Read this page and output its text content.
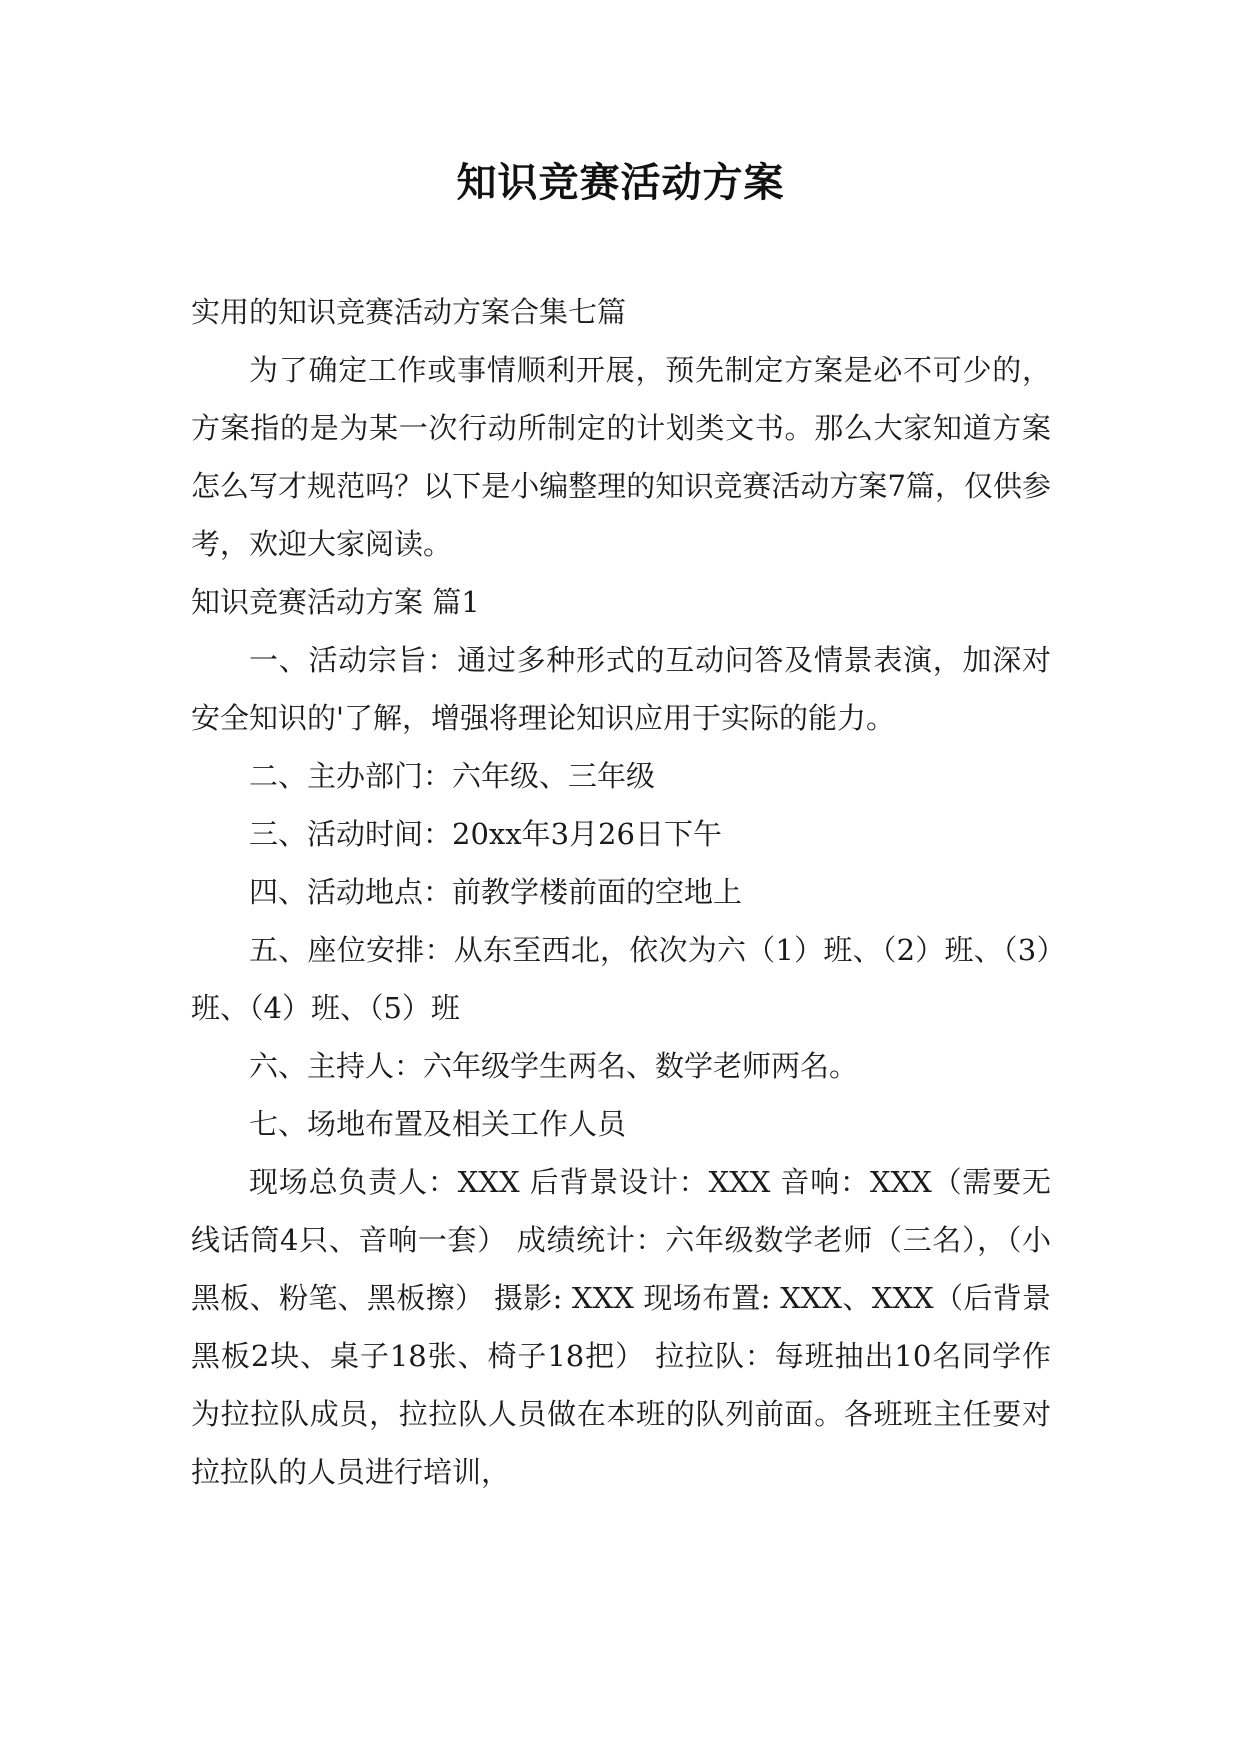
知识竞赛活动方案

实用的知识竞赛活动方案合集七篇

为了确定工作或事情顺利开展，预先制定方案是必不可少的，方案指的是为某一次行动所制定的计划类文书。那么大家知道方案怎么写才规范吗？以下是小编整理的知识竞赛活动方案7篇，仅供参考，欢迎大家阅读。

知识竞赛活动方案 篇1

一、活动宗旨：通过多种形式的互动问答及情景表演，加深对安全知识的'了解，增强将理论知识应用于实际的能力。

二、主办部门：六年级、三年级

三、活动时间：20xx年3月26日下午

四、活动地点：前教学楼前面的空地上

五、座位安排：从东至西北，依次为六（1）班、（2）班、（3）班、（4）班、（5）班

六、主持人：六年级学生两名、数学老师两名。

七、场地布置及相关工作人员

现场总负责人：XXX 后背景设计：XXX 音响：XXX（需要无线话筒4只、音响一套） 成绩统计：六年级数学老师（三名），（小黑板、粉笔、黑板擦） 摄影: XXX 现场布置: XXX、XXX（后背景黑板2块、桌子18张、椅子18把） 拉拉队：每班抽出10名同学作为拉拉队成员，拉拉队人员做在本班的队列前面。各班班主任要对拉拉队的人员进行培训，
